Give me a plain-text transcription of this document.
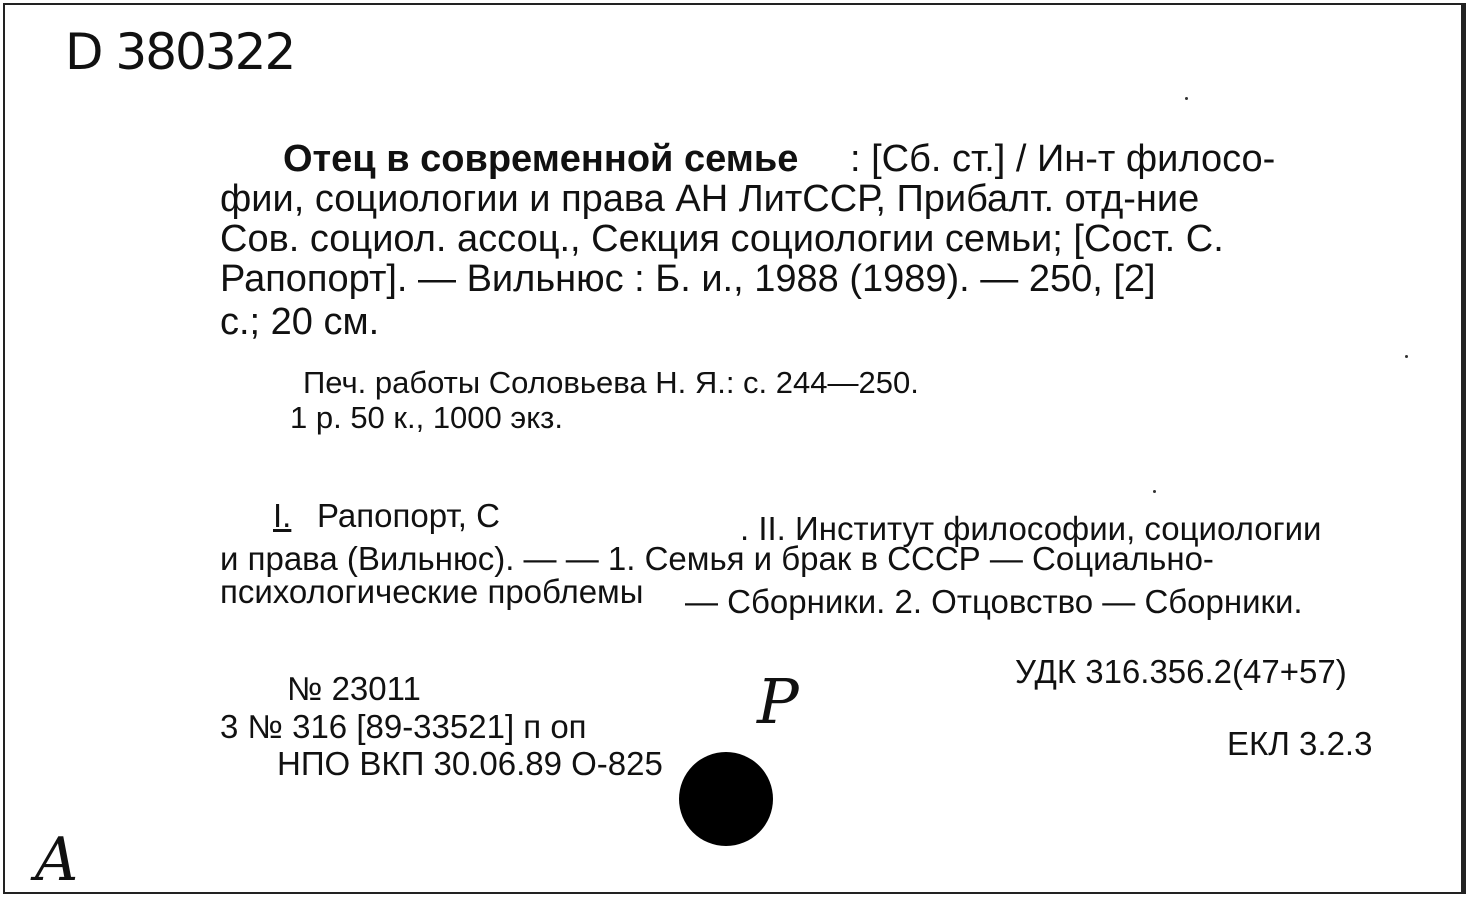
D 380322
Отец в современной семье : [Сб. ст.] / Ин-т филосо-
фии, социологии и права АН ЛитССР, Прибалт. отд-ние
Сов. социол. ассоц., Секция социологии семьи; [Сост. С.
Рапопорт]. — Вильнюс : Б. и., 1988 (1989). — 250, [2]
с.; 20 см.
Печ. работы Соловьева Н. Я.: с. 244—250.
1 р. 50 к., 1000 экз.
I. Рапопорт, С	. II. Институт философии, социологии
и права (Вильнюс). — — 1. Семья и брак в СССР — Социально-
психологические проблемы — Сборники. 2. Отцовство — Сборники.
УДК 316.356.2(47+57)
№ 23011
3 № 316 [89-33521] п оп	ЕКЛ 3.2.3
НПО ВКП 30.06.89 О-825
P
A
